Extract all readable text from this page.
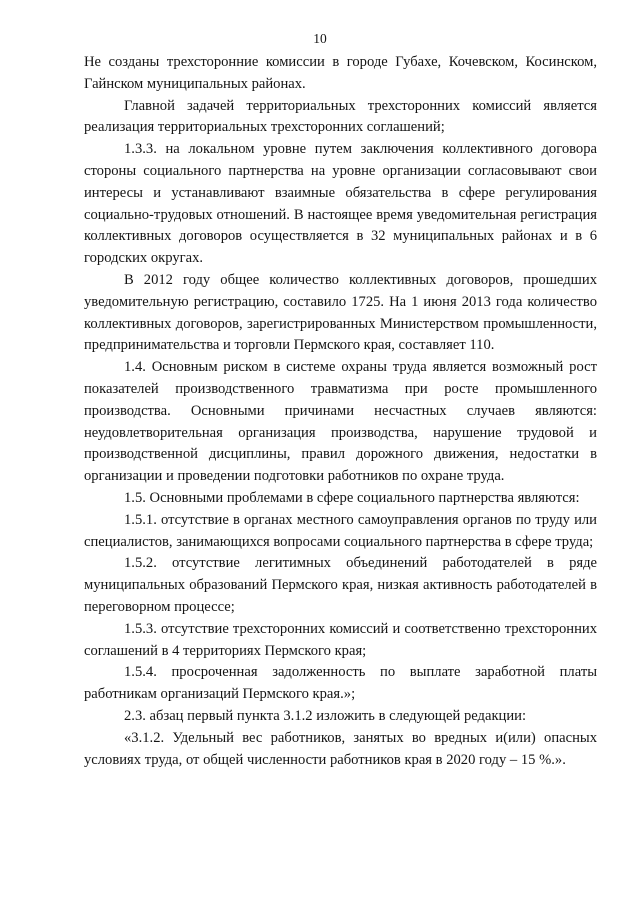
10

Не созданы трехсторонние комиссии в городе Губахе, Кочевском, Косинском, Гайнском муниципальных районах.

Главной задачей территориальных трехсторонних комиссий является реализация территориальных трехсторонних соглашений;

1.3.3. на локальном уровне путем заключения коллективного договора стороны социального партнерства на уровне организации согласовывают свои интересы и устанавливают взаимные обязательства в сфере регулирования социально-трудовых отношений. В настоящее время уведомительная регистрация коллективных договоров осуществляется в 32 муниципальных районах и в 6 городских округах.

В 2012 году общее количество коллективных договоров, прошедших уведомительную регистрацию, составило 1725. На 1 июня 2013 года количество коллективных договоров, зарегистрированных Министерством промышленности, предпринимательства и торговли Пермского края, составляет 110.

1.4. Основным риском в системе охраны труда является возможный рост показателей производственного травматизма при росте промышленного производства. Основными причинами несчастных случаев являются: неудовлетворительная организация производства, нарушение трудовой и производственной дисциплины, правил дорожного движения, недостатки в организации и проведении подготовки работников по охране труда.

1.5. Основными проблемами в сфере социального партнерства являются:

1.5.1. отсутствие в органах местного самоуправления органов по труду или специалистов, занимающихся вопросами социального партнерства в сфере труда;

1.5.2. отсутствие легитимных объединений работодателей в ряде муниципальных образований Пермского края, низкая активность работодателей в переговорном процессе;

1.5.3. отсутствие трехсторонних комиссий и соответственно трехсторонних соглашений в 4 территориях Пермского края;

1.5.4. просроченная задолженность по выплате заработной платы работникам организаций Пермского края.»;

2.3. абзац первый пункта 3.1.2 изложить в следующей редакции:

«3.1.2. Удельный вес работников, занятых во вредных и(или) опасных условиях труда, от общей численности работников края в 2020 году – 15 %.».
